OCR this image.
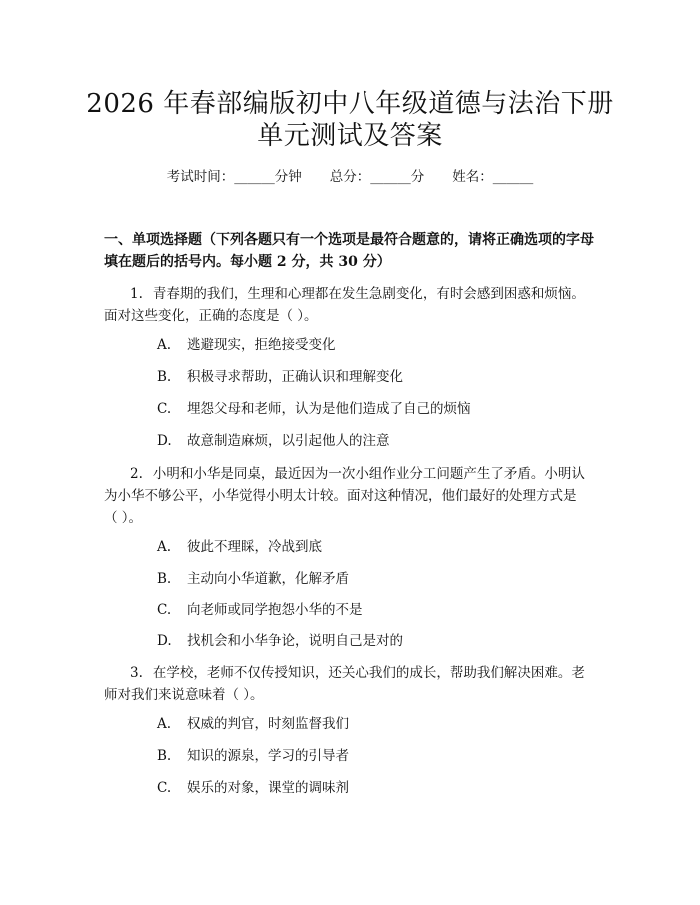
2026 年春部编版初中八年级道德与法治下册
单元测试及答案
考试时间：______分钟 总分：______分 姓名：______
一、单项选择题（下列各题只有一个选项是最符合题意的，请将正确选项的字母
填在题后的括号内。每小题 2 分，共 30 分）
1. 青春期的我们，生理和心理都在发生急剧变化，有时会感到困惑和烦恼。
面对这些变化，正确的态度是（ ）。
A. 逃避现实，拒绝接受变化
B. 积极寻求帮助，正确认识和理解变化
C. 埋怨父母和老师，认为是他们造成了自己的烦恼
D. 故意制造麻烦，以引起他人的注意
2. 小明和小华是同桌，最近因为一次小组作业分工问题产生了矛盾。小明认
为小华不够公平，小华觉得小明太计较。面对这种情况，他们最好的处理方式是
（ ）。
A. 彼此不理睬，冷战到底
B. 主动向小华道歉，化解矛盾
C. 向老师或同学抱怨小华的不是
D. 找机会和小华争论，说明自己是对的
3. 在学校，老师不仅传授知识，还关心我们的成长，帮助我们解决困难。老
师对我们来说意味着（ ）。
A. 权威的判官，时刻监督我们
B. 知识的源泉，学习的引导者
C. 娱乐的对象，课堂的调味剂
